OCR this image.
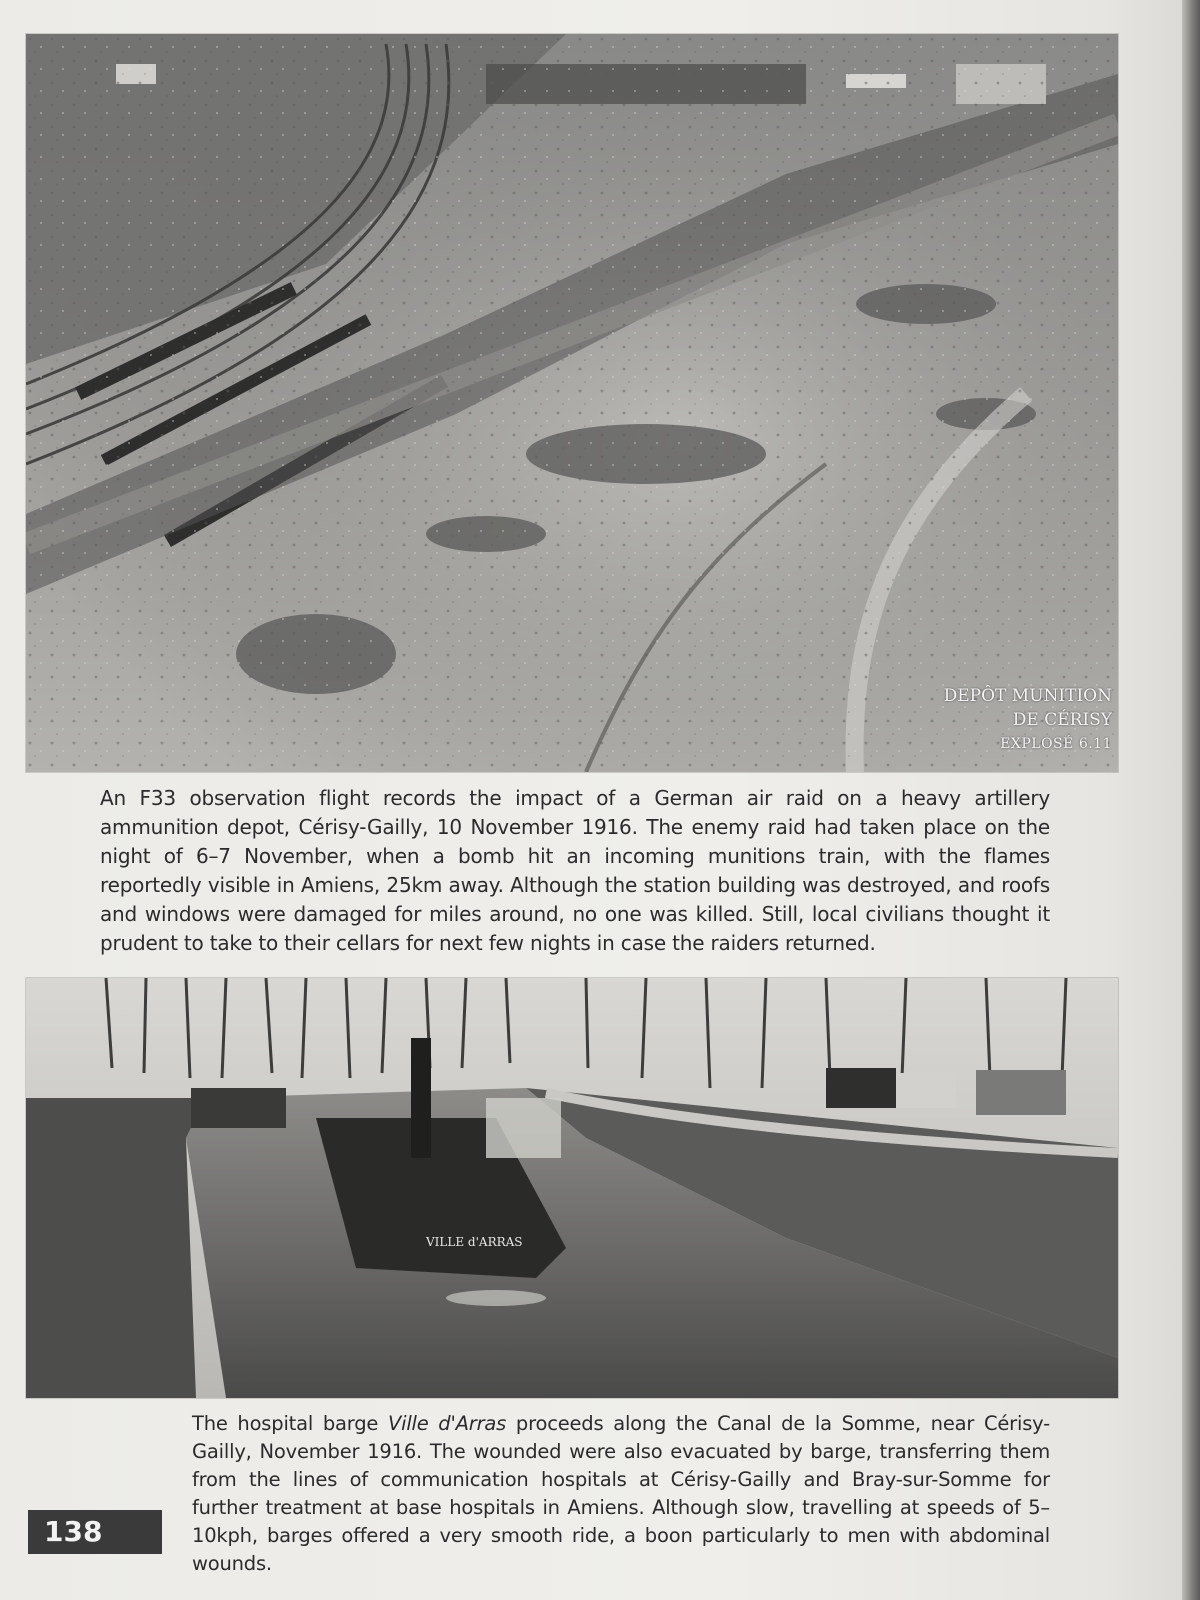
DEPÔT MUNITION
DE CÉRISY
EXPLOSÉ 6.11

An F33 observation flight records the impact of a German air raid on a heavy artillery ammunition depot, Cérisy-Gailly, 10 November 1916. The enemy raid had taken place on the night of 6–7 November, when a bomb hit an incoming munitions train, with the flames reportedly visible in Amiens, 25km away. Although the station building was destroyed, and roofs and windows were damaged for miles around, no one was killed. Still, local civilians thought it prudent to take to their cellars for next few nights in case the raiders returned.

VILLE d'ARRAS

The hospital barge Ville d'Arras proceeds along the Canal de la Somme, near Cérisy-Gailly, November 1916. The wounded were also evacuated by barge, transferring them from the lines of communication hospitals at Cérisy-Gailly and Bray-sur-Somme for further treatment at base hospitals in Amiens. Although slow, travelling at speeds of 5–10kph, barges offered a very smooth ride, a boon particularly to men with abdominal wounds.

138
